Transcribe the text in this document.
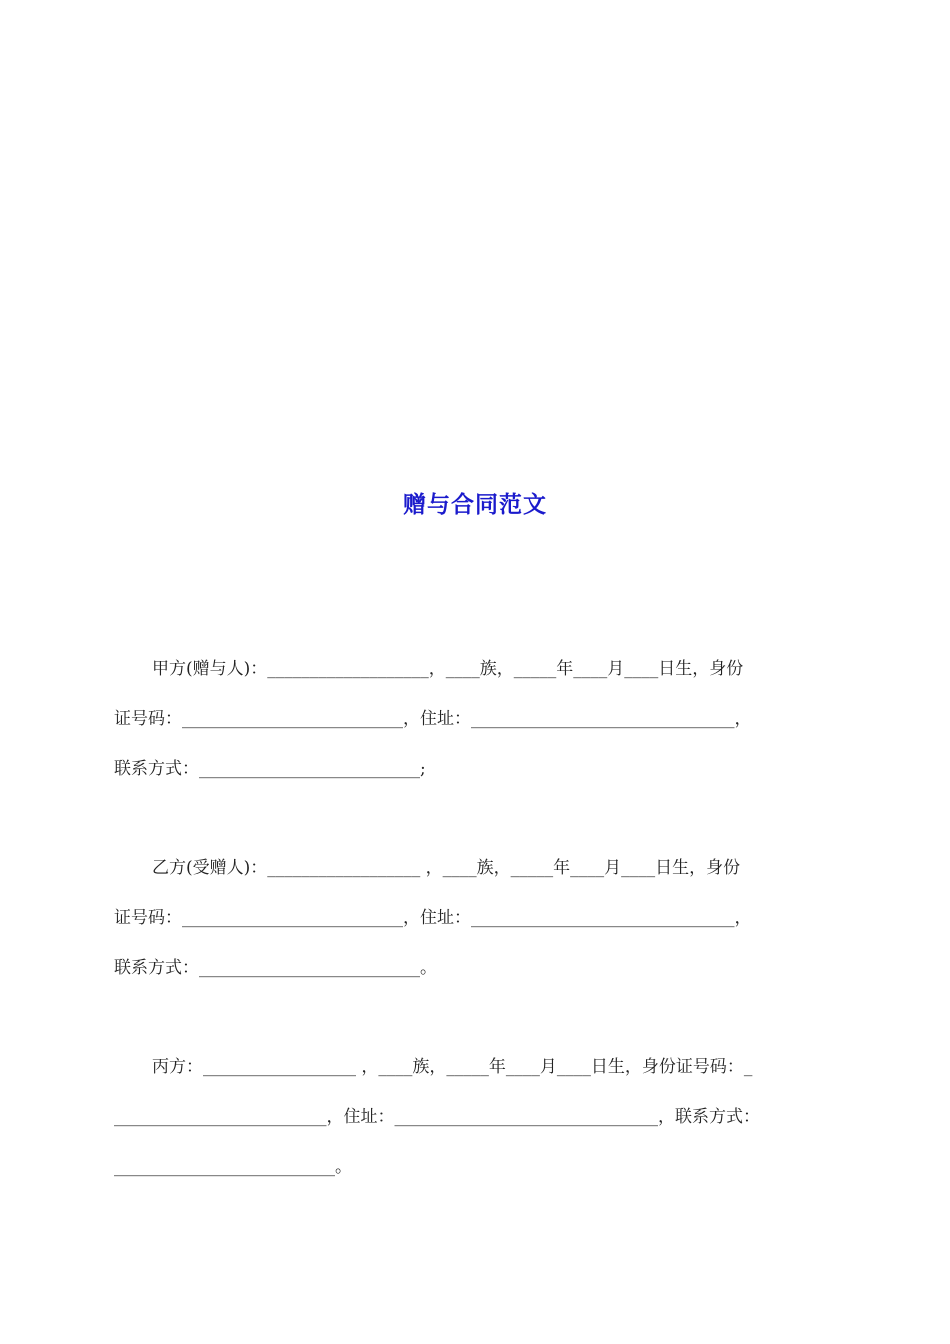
赠与合同范文
甲方(赠与人)：___________________，____族，_____年____月____日生，身份
证号码：__________________________，住址：_______________________________，
联系方式：__________________________;
乙方(受赠人)：__________________ ，____族，_____年____月____日生，身份
证号码：__________________________，住址：_______________________________，
联系方式：__________________________。
丙方：__________________ ，____族，_____年____月____日生，身份证号码：_
_________________________，住址：_______________________________，联系方式：
__________________________。
